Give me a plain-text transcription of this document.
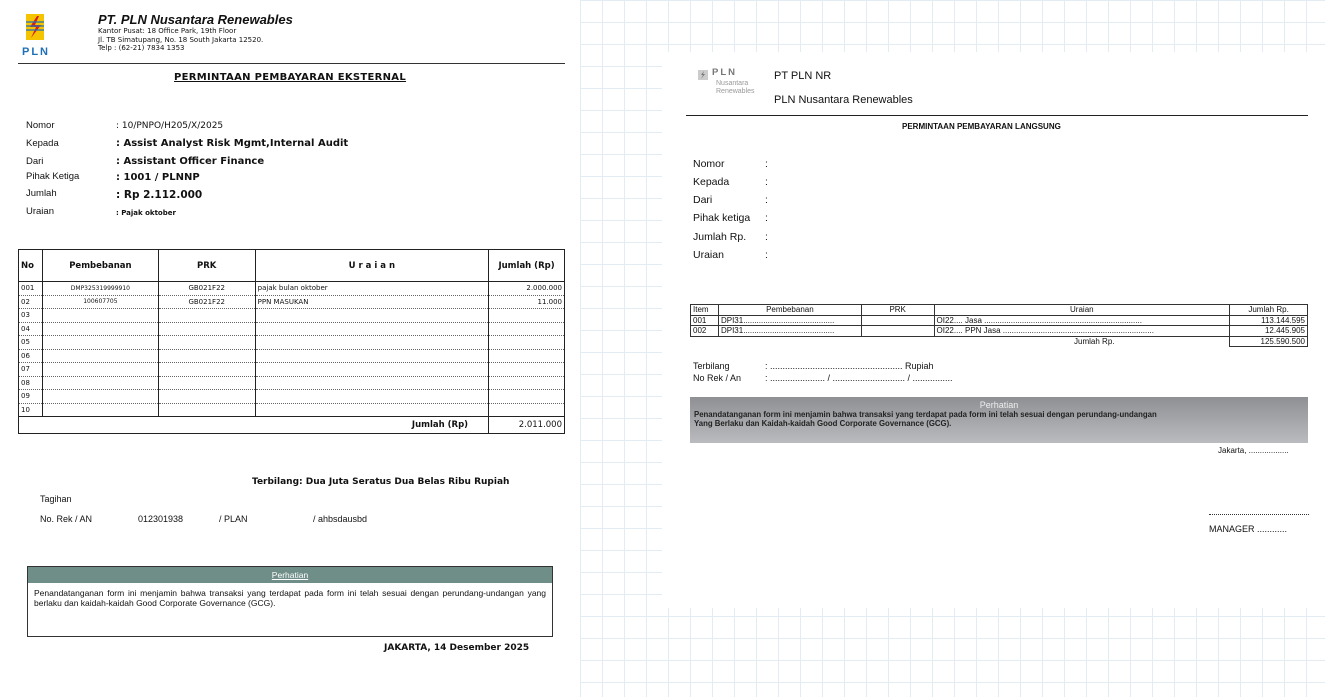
PLN
PT. PLN Nusantara Renewables
Kantor Pusat: 18 Office Park, 19th Floor
Jl. TB Simatupang, No. 18 South Jakarta 12520.
Telp : (62-21) 7834 1353
PERMINTAAN PEMBAYARAN EKSTERNAL
Nomor	: 10/PNPO/H205/X/2025
Kepada	: Assist Analyst Risk Mgmt,Internal Audit
Dari	: Assistant Officer Finance
Pihak Ketiga	: 1001 / PLNNP
Jumlah	: Rp 2.112.000
Uraian	: Pajak oktober
No	Pembebanan	PRK	U r a i a n	Jumlah (Rp)
001	DMP325319999910	GB021F22	pajak bulan oktober	2.000.000
02	100607705	GB021F22	PPN MASUKAN	11.000
03				
04				
05				
06				
07				
08				
09				
10				
Jumlah (Rp)				2.011.000
Terbilang: Dua Juta Seratus Dua Belas Ribu Rupiah
Tagihan
No. Rek / AN	012301938	/ PLAN	/ ahbsdausbd
Perhatian
Penandatanganan form ini menjamin bahwa transaksi yang terdapat pada form ini telah sesuai dengan perundang-undangan yang berlaku dan kaidah-kaidah Good Corporate Governance (GCG).
JAKARTA, 14 Desember 2025
PLN
Nusantara
Renewables
PT PLN NR
PLN Nusantara Renewables
PERMINTAAN PEMBAYARAN LANGSUNG
Nomor	:
Kepada	:
Dari	:
Pihak ketiga :
Jumlah Rp. :
Uraian	:
Item	Pembebanan	PRK	Uraian	Jumlah Rp.
001	DPI31.........................................		OI22.... Jasa .......................................................................	113.144.595
002	DPI31.........................................		OI22.... PPN Jasa ....................................................................	12.445.905
			Jumlah Rp.	125.590.500
Terbilang	: ..................................................... Rupiah
No Rek / An	: ...................... / ............................. / ................
Perhatian
Penandatanganan form ini menjamin bahwa transaksi yang terdapat pada form ini telah sesuai dengan perundang-undangan
Yang Berlaku dan Kaidah-kaidah Good Corporate Governance (GCG).
Jakarta, ..................
MANAGER ............
